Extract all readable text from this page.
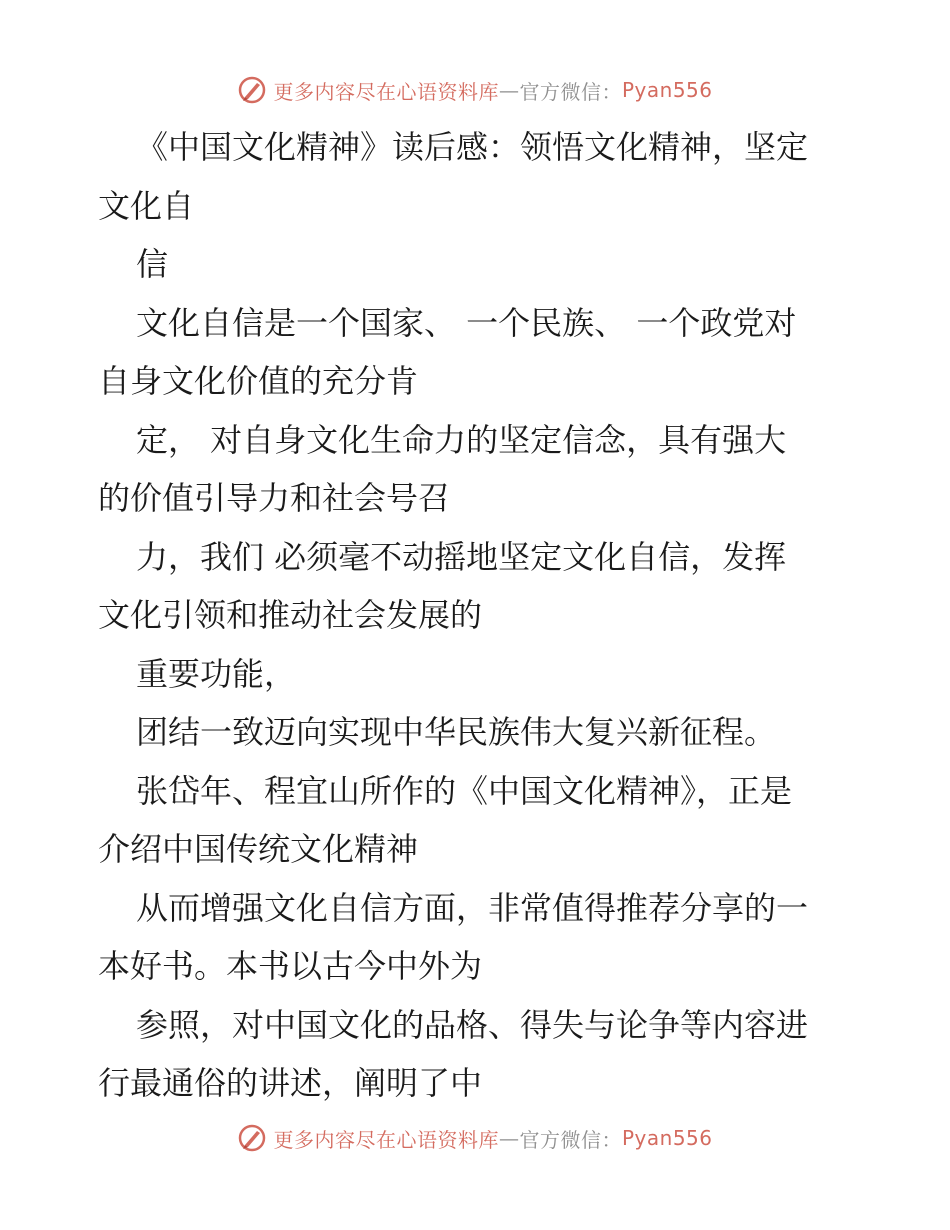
更多内容尽在心语资料库 — 官方微信： Pyan556
《中国文化精神》读后感：领悟文化精神，坚定
文化自
信
文化自信是一个国家、 一个民族、 一个政党对
自身文化价值的充分肯
定， 对自身文化生命力的坚定信念，具有强大
的价值引导力和社会号召
力，我们 必须毫不动摇地坚定文化自信，发挥
文化引领和推动社会发展的
重要功能，
团结一致迈向实现中华民族伟大复兴新征程。
张岱年、程宜山所作的《中国文化精神》，正是
介绍中国传统文化精神
从而增强文化自信方面，非常值得推荐分享的一
本好书。本书以古今中外为
参照，对中国文化的品格、得失与论争等内容进
行最通俗的讲述，阐明了中
更多内容尽在心语资料库 — 官方微信： Pyan556
